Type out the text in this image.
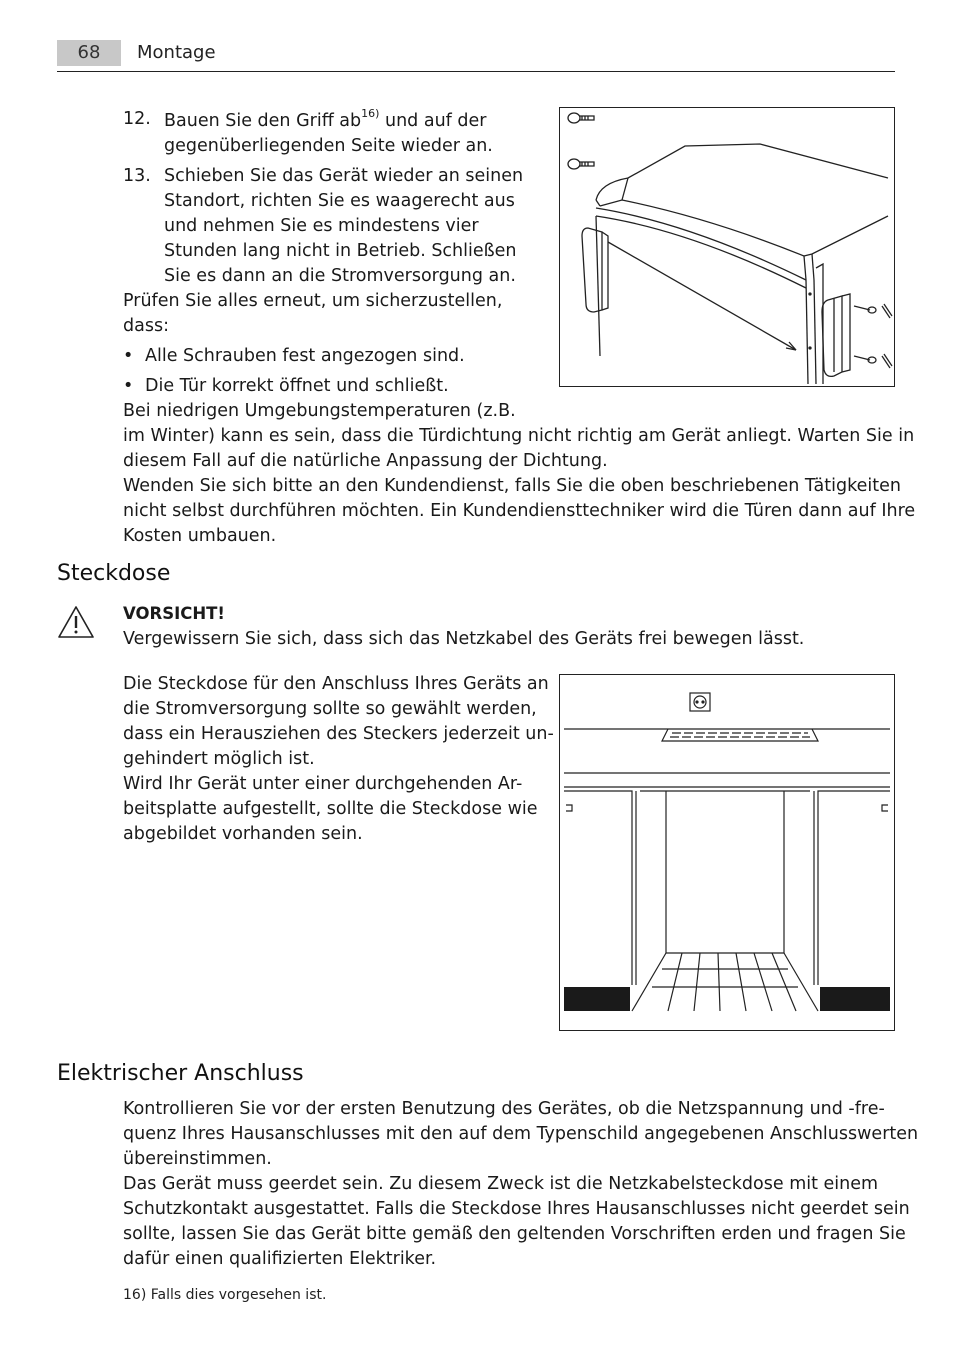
68	Montage
12. Bauen Sie den Griff $ab^{16)}$ und auf der
gegenüberliegenden Seite wieder an.
13. Schieben Sie das Gerät wieder an seinen
Standort, richten Sie es waagerecht aus
und nehmen Sie es mindestens vier
Stunden lang nicht in Betrieb. Schließen
Sie es dann an die Stromversorgung an.
Prüfen Sie alles erneut, um sicherzustellen,
dass:
• Alle Schrauben fest angezogen sind.
• Die Tür korrekt öffnet und schließt.
Bei niedrigen Umgebungstemperaturen (z.B.
im Winter) kann es sein, dass die Türdichtung nicht richtig am Gerät anliegt. Warten Sie in
diesem Fall auf die natürliche Anpassung der Dichtung.
Wenden Sie sich bitte an den Kundendienst, falls Sie die oben beschriebenen Tätigkeiten
nicht selbst durchführen möchten. Ein Kundendiensttechniker wird die Türen dann auf Ihre
Kosten umbauen.
Steckdose
VORSICHT!
Vergewissern Sie sich, dass sich das Netzkabel des Geräts frei bewegen lässt.
Die Steckdose für den Anschluss Ihres Geräts an
die Stromversorgung sollte so gewählt werden,
dass ein Herausziehen des Steckers jederzeit un-
gehindert möglich ist.
Wird Ihr Gerät unter einer durchgehenden Ar-
beitsplatte aufgestellt, sollte die Steckdose wie
abgebildet vorhanden sein.
Elektrischer Anschluss
Kontrollieren Sie vor der ersten Benutzung des Gerätes, ob die Netzspannung und -fre-
quenz Ihres Hausanschlusses mit den auf dem Typenschild angegebenen Anschlusswerten
übereinstimmen.
Das Gerät muss geerdet sein. Zu diesem Zweck ist die Netzkabelsteckdose mit einem
Schutzkontakt ausgestattet. Falls die Steckdose Ihres Hausanschlusses nicht geerdet sein
sollte, lassen Sie das Gerät bitte gemäß den geltenden Vorschriften erden und fragen Sie
dafür einen qualifizierten Elektriker.
16) Falls dies vorgesehen ist.
